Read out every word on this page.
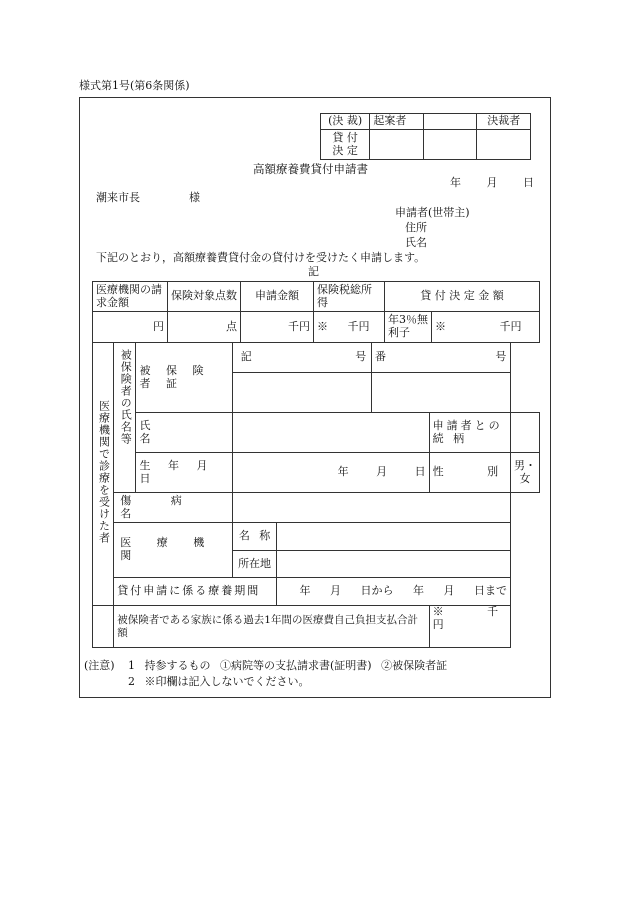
様式第1号(第6条関係)
(決 裁)	起案者		決裁者

貸 付
決 定			

高額療養費貸付申請書
年 月 日
潮来市長	様
申請者(世帯主)
住所
氏名
下記のとおり，高額療養費貸付金の貸付けを受けたく申請します。
記
医療機関の請求金額	保険対象点数	申請金額	保険税総所得	貸 付 決 定 金 額	
円	点	千円	※ 千円	年3％無利子	※ 千円
医療機関で診療を受けた者	被保険者の氏名等	被 保 険 者 証	記 号		番 号		

		氏 名				申請者との続 柄	
		生 年 月 日	年 月 日			性 別	男・女
	傷 病 名						
	医 療 機 関		名 称				
			所在地				
	貸付申請に係る療養期間			年 月 日から 年 月 日まで			
	被保険者である家族に係る過去1年間の医療費自己負担支払合計額					※ 千円	
(注意) 1 持参するもの ①病院等の支払請求書(証明書) ②被保険者証
2 ※印欄は記入しないでください。
